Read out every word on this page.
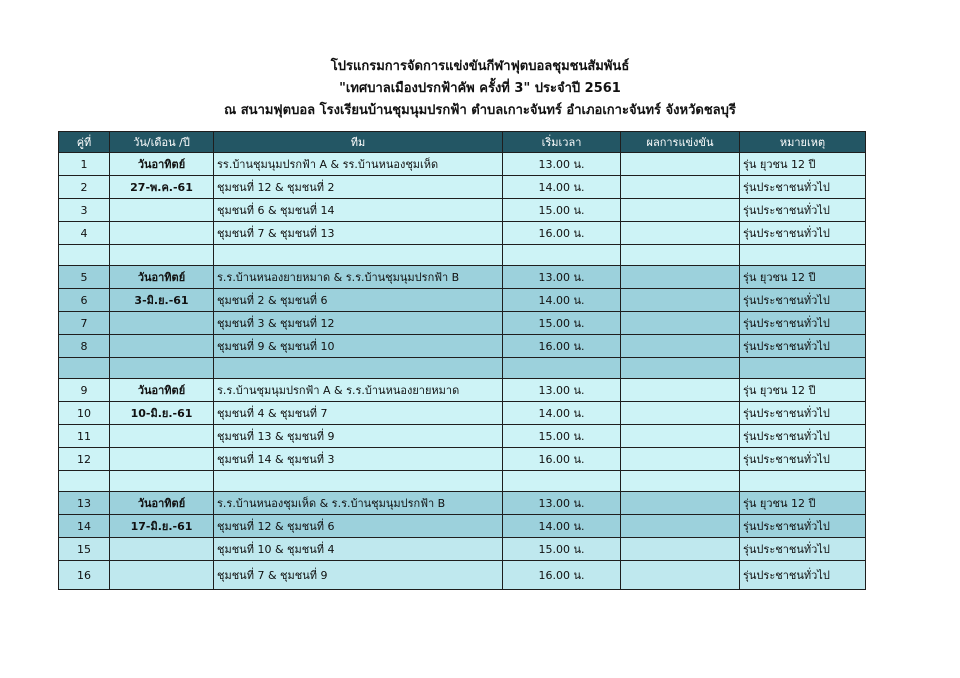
โปรแกรมการจัดการแข่งขันกีฬาฟุตบอลชุมชนสัมพันธ์
"เทศบาลเมืองปรกฟ้าคัพ ครั้งที่ 3" ประจำปี 2561
ณ สนามฟุตบอล โรงเรียนบ้านชุมนุมปรกฟ้า ตำบลเกาะจันทร์ อำเภอเกาะจันทร์ จังหวัดชลบุรี
คู่ที่	วัน/เดือน /ปี	ทีม	เริ่มเวลา	ผลการแข่งขัน	หมายเหตุ
1	วันอาทิตย์	รร.บ้านชุมนุมปรกฟ้า A & รร.บ้านหนองชุมเห็ด	13.00 น.		รุ่น ยุวชน 12 ปี
2	27-พ.ค.-61	ชุมชนที่ 12 & ชุมชนที่ 2	14.00 น.		รุ่นประชาชนทั่วไป
3		ชุมชนที่ 6 & ชุมชนที่ 14	15.00 น.		รุ่นประชาชนทั่วไป
4		ชุมชนที่ 7 & ชุมชนที่ 13	16.00 น.		รุ่นประชาชนทั่วไป

5	วันอาทิตย์	ร.ร.บ้านหนองยายหมาด & ร.ร.บ้านชุมนุมปรกฟ้า B	13.00 น.		รุ่น ยุวชน 12 ปี
6	3-มิ.ย.-61	ชุมชนที่ 2 & ชุมชนที่ 6	14.00 น.		รุ่นประชาชนทั่วไป
7		ชุมชนที่ 3 & ชุมชนที่ 12	15.00 น.		รุ่นประชาชนทั่วไป
8		ชุมชนที่ 9 & ชุมชนที่ 10	16.00 น.		รุ่นประชาชนทั่วไป

9	วันอาทิตย์	ร.ร.บ้านชุมนุมปรกฟ้า A & ร.ร.บ้านหนองยายหมาด	13.00 น.		รุ่น ยุวชน 12 ปี
10	10-มิ.ย.-61	ชุมชนที่ 4 & ชุมชนที่ 7	14.00 น.		รุ่นประชาชนทั่วไป
11		ชุมชนที่ 13 & ชุมชนที่ 9	15.00 น.		รุ่นประชาชนทั่วไป
12		ชุมชนที่ 14 & ชุมชนที่ 3	16.00 น.		รุ่นประชาชนทั่วไป

13	วันอาทิตย์	ร.ร.บ้านหนองชุมเห็ด & ร.ร.บ้านชุมนุมปรกฟ้า B	13.00 น.		รุ่น ยุวชน 12 ปี
14	17-มิ.ย.-61	ชุมชนที่ 12 & ชุมชนที่ 6	14.00 น.		รุ่นประชาชนทั่วไป
15		ชุมชนที่ 10 & ชุมชนที่ 4	15.00 น.		รุ่นประชาชนทั่วไป
16		ชุมชนที่ 7 & ชุมชนที่ 9	16.00 น.		รุ่นประชาชนทั่วไป
